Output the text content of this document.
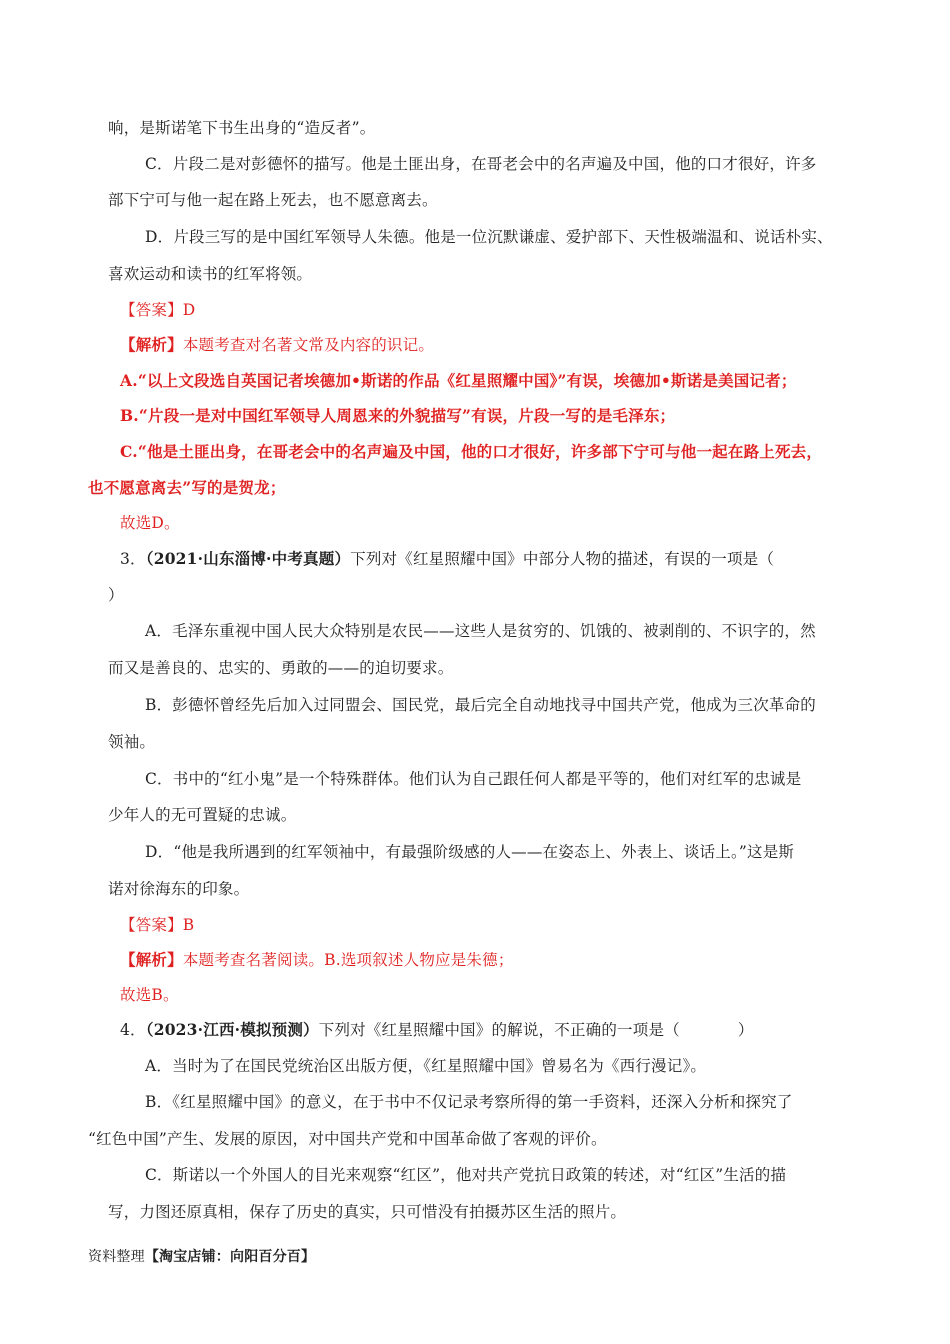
响，是斯诺笔下书生出身的“造反者”。
C．片段二是对彭德怀的描写。他是土匪出身，在哥老会中的名声遍及中国，他的口才很好，许多
部下宁可与他一起在路上死去，也不愿意离去。
D．片段三写的是中国红军领导人朱德。他是一位沉默谦虚、爱护部下、天性极端温和、说话朴实、
喜欢运动和读书的红军将领。
【答案】D
【解析】本题考查对名著文常及内容的识记。
A.“以上文段选自英国记者埃德加•斯诺的作品《红星照耀中国》”有误，埃德加•斯诺是美国记者；
B.“片段一是对中国红军领导人周恩来的外貌描写”有误，片段一写的是毛泽东；
C.“他是土匪出身，在哥老会中的名声遍及中国，他的口才很好，许多部下宁可与他一起在路上死去，
也不愿意离去”写的是贺龙；
故选D。
3．（2021·山东淄博·中考真题）下列对《红星照耀中国》中部分人物的描述，有误的一项是（
）
A．毛泽东重视中国人民大众特别是农民——这些人是贫穷的、饥饿的、被剥削的、不识字的，然
而又是善良的、忠实的、勇敢的——的迫切要求。
B．彭德怀曾经先后加入过同盟会、国民党，最后完全自动地找寻中国共产党，他成为三次革命的
领袖。
C．书中的“红小鬼”是一个特殊群体。他们认为自己跟任何人都是平等的，他们对红军的忠诚是
少年人的无可置疑的忠诚。
D．“他是我所遇到的红军领袖中，有最强阶级感的人——在姿态上、外表上、谈话上。”这是斯
诺对徐海东的印象。
【答案】B
【解析】本题考查名著阅读。B.选项叙述人物应是朱德；
故选B。
4．（2023·江西·模拟预测）下列对《红星照耀中国》的解说，不正确的一项是（	）
A．当时为了在国民党统治区出版方便，《红星照耀中国》曾易名为《西行漫记》。
B．《红星照耀中国》的意义，在于书中不仅记录考察所得的第一手资料，还深入分析和探究了
“红色中国”产生、发展的原因，对中国共产党和中国革命做了客观的评价。
C．斯诺以一个外国人的目光来观察“红区”，他对共产党抗日政策的转述，对“红区”生活的描
写，力图还原真相，保存了历史的真实，只可惜没有拍摄苏区生活的照片。
资料整理【淘宝店铺：向阳百分百】
